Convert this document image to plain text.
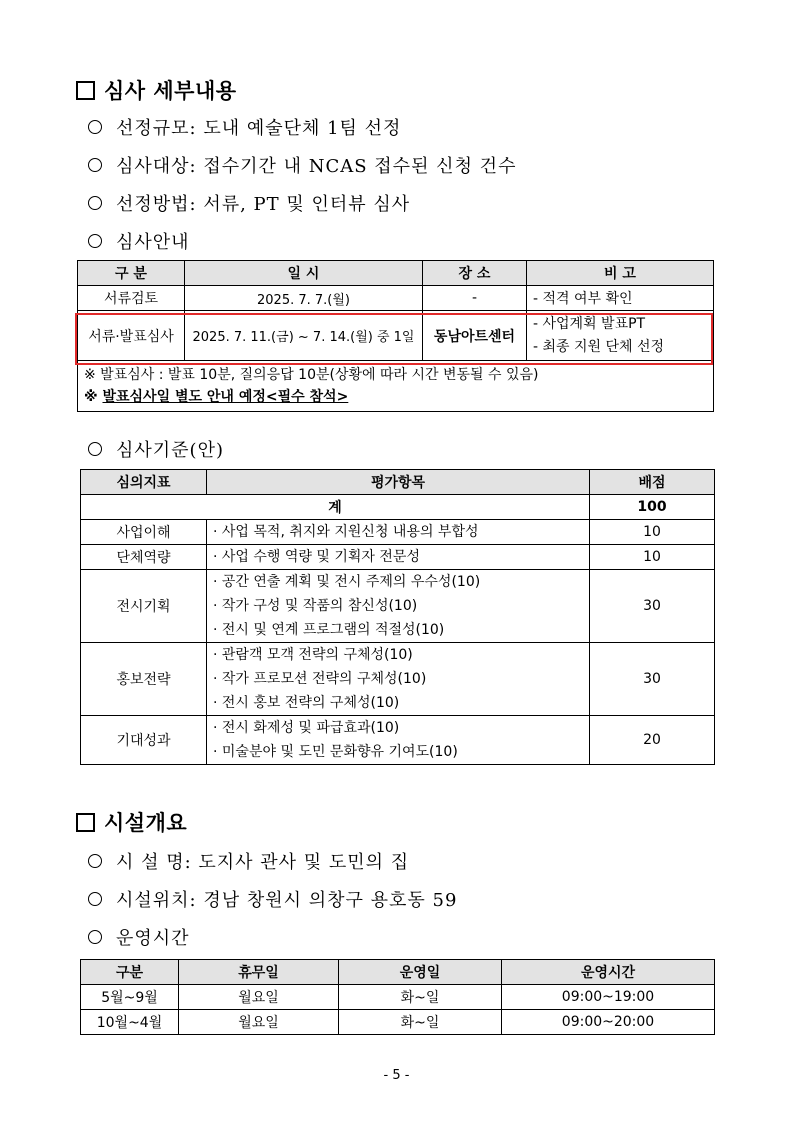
심사 세부내용
선정규모: 도내 예술단체 1팀 선정
심사대상: 접수기간 내 NCAS 접수된 신청 건수
선정방법: 서류, PT 및 인터뷰 심사
심사안내
구 분	일 시	장 소	비 고
서류검토	2025. 7. 7.(월)	-	- 적격 여부 확인
서류·발표심사	2025. 7. 11.(금) ~ 7. 14.(월) 중 1일	동남아트센터	- 사업계획 발표PT
- 최종 지원 단체 선정

※ 발표심사 : 발표 10분, 질의응답 10분(상황에 따라 시간 변동될 수 있음)
※ 발표심사일 별도 안내 예정<필수 참석>			
심사기준(안)
심의지표	평가항목	배점
계		100
사업이해	· 사업 목적, 취지와 지원신청 내용의 부합성	10
단체역량	· 사업 수행 역량 및 기획자 전문성	10
전시기획	· 공간 연출 계획 및 전시 주제의 우수성(10)
· 작가 구성 및 작품의 참신성(10)
· 전시 및 연계 프로그램의 적절성(10)	30
홍보전략	· 관람객 모객 전략의 구체성(10)
· 작가 프로모션 전략의 구체성(10)
· 전시 홍보 전략의 구체성(10)	30
기대성과	· 전시 화제성 및 파급효과(10)
· 미술분야 및 도민 문화향유 기여도(10)	20
시설개요
시 설 명: 도지사 관사 및 도민의 집
시설위치: 경남 창원시 의창구 용호동 59
운영시간
구분	휴무일	운영일	운영시간
5월~9월	월요일	화~일	09:00~19:00
10월~4월	월요일	화~일	09:00~20:00
- 5 -
